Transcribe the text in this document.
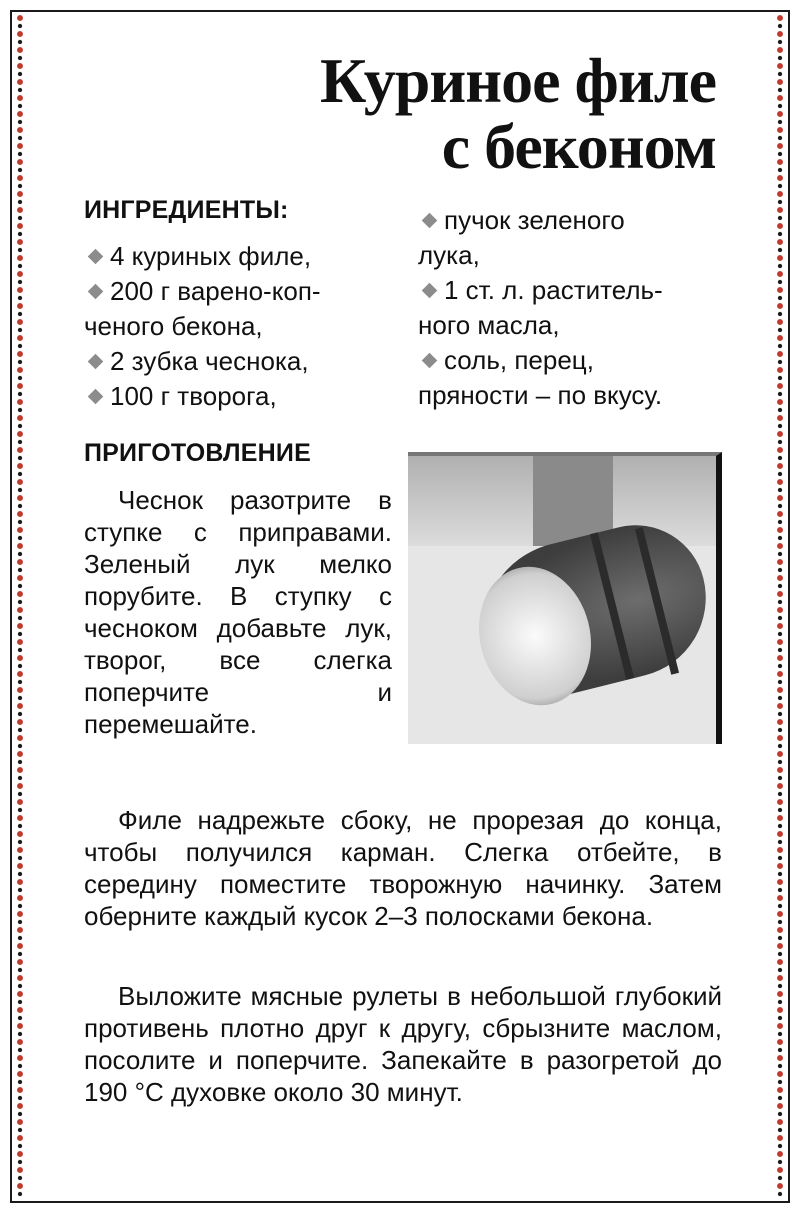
Куриное филе
с беконом
ИНГРЕДИЕНТЫ:
4 куриных филе,
200 г варено-коп-
ченого бекона,
2 зубка чеснока,
100 г творога,
пучок зеленого
лука,
1 ст. л. раститель-
ного масла,
соль, перец,
пряности – по вкусу.
ПРИГОТОВЛЕНИЕ

Чеснок разотрите в ступке с приправами. Зеленый лук мелко порубите. В ступку с чесноком добавьте лук, творог, все слегка поперчите и перемешайте.

Филе надрежьте сбоку, не прорезая до конца, чтобы получился карман. Слегка отбейте, в середину поместите творожную начинку. Затем оберните каждый кусок 2–3 полосками бекона.

Выложите мясные рулеты в небольшой глубокий противень плотно друг к другу, сбрызните маслом, посолите и поперчите. Запекайте в разогретой до 190 °С духовке около 30 минут.
